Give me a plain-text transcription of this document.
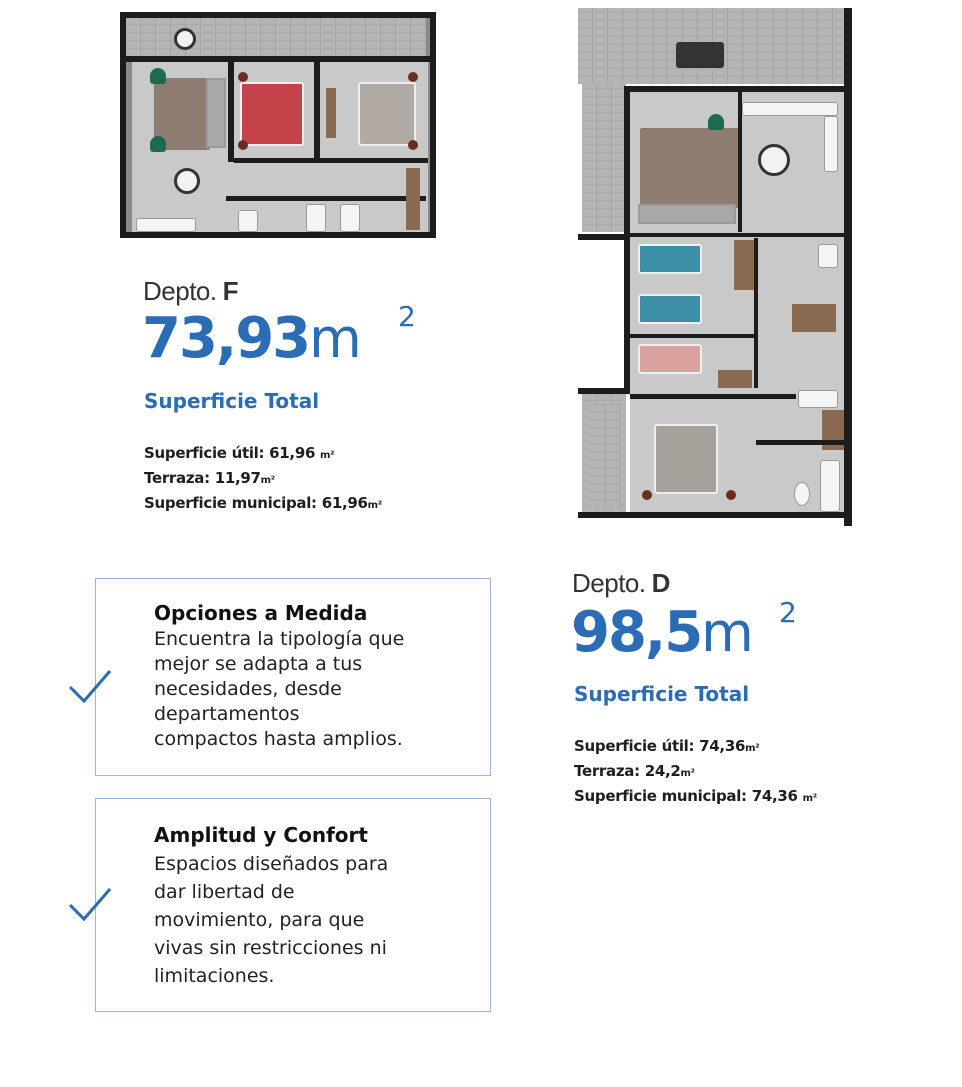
Depto. F
73,93m 2
Superficie Total
Superficie útil: 61,96 m²
Terraza: 11,97m²
Superficie municipal: 61,96m²
Depto. D
98,5m 2
Superficie Total
Superficie útil: 74,36m²
Terraza: 24,2m²
Superficie municipal: 74,36 m²
Opciones a Medida

Encuentra la tipología que
mejor se adapta a tus
necesidades, desde
departamentos
compactos hasta amplios.

Amplitud y Confort

Espacios diseñados para
dar libertad de
movimiento, para que
vivas sin restricciones ni
limitaciones.
